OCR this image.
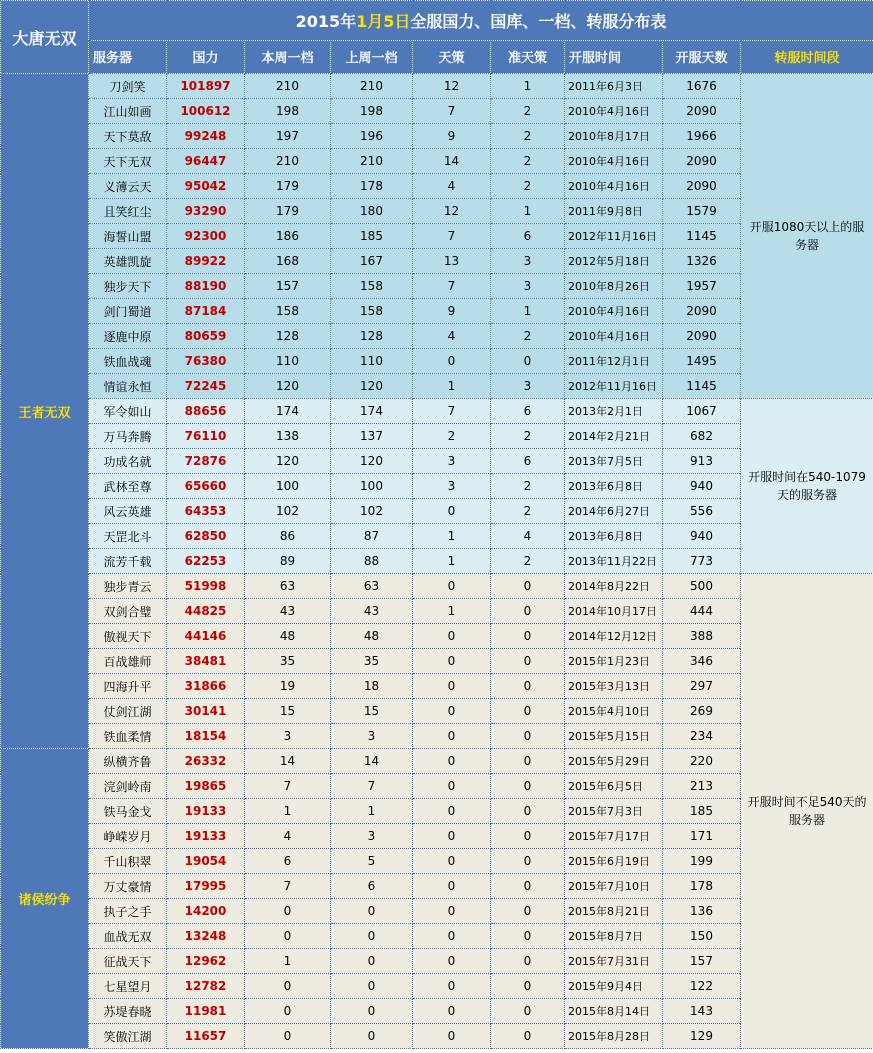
大唐无双	2015年1月5日全服国力、国库、一档、转服分布表								
	服务器	国力	本周一档	上周一档	天策	准天策	开服时间	开服天数	转服时间段
王者无双	刀剑笑	101897	210	210	12	1	2011年6月3日	1676	开服1080天以上的服务器
	江山如画	100612	198	198	7	2	2010年4月16日	2090	
	天下莫敌	99248	197	196	9	2	2010年8月17日	1966	
	天下无双	96447	210	210	14	2	2010年4月16日	2090	
	义薄云天	95042	179	178	4	2	2010年4月16日	2090	
	且笑红尘	93290	179	180	12	1	2011年9月8日	1579	
	海誓山盟	92300	186	185	7	6	2012年11月16日	1145	
	英雄凯旋	89922	168	167	13	3	2012年5月18日	1326	
	独步天下	88190	157	158	7	3	2010年8月26日	1957	
	剑门蜀道	87184	158	158	9	1	2010年4月16日	2090	
	逐鹿中原	80659	128	128	4	2	2010年4月16日	2090	
	铁血战魂	76380	110	110	0	0	2011年12月1日	1495	
	情谊永恒	72245	120	120	1	3	2012年11月16日	1145	
	军令如山	88656	174	174	7	6	2013年2月1日	1067	开服时间在540-1079天的服务器
	万马奔腾	76110	138	137	2	2	2014年2月21日	682	
	功成名就	72876	120	120	3	6	2013年7月5日	913	
	武林至尊	65660	100	100	3	2	2013年6月8日	940	
	风云英雄	64353	102	102	0	2	2014年6月27日	556	
	天罡北斗	62850	86	87	1	4	2013年6月8日	940	
	流芳千载	62253	89	88	1	2	2013年11月22日	773	
	独步青云	51998	63	63	0	0	2014年8月22日	500	开服时间不足540天的服务器
	双剑合璧	44825	43	43	1	0	2014年10月17日	444	
	傲视天下	44146	48	48	0	0	2014年12月12日	388	
	百战雄师	38481	35	35	0	0	2015年1月23日	346	
	四海升平	31866	19	18	0	0	2015年3月13日	297	
	仗剑江湖	30141	15	15	0	0	2015年4月10日	269	
	铁血柔情	18154	3	3	0	0	2015年5月15日	234	
诸侯纷争	纵横齐鲁	26332	14	14	0	0	2015年5月29日	220	
	浣剑岭南	19865	7	7	0	0	2015年6月5日	213	
	铁马金戈	19133	1	1	0	0	2015年7月3日	185	
	峥嵘岁月	19133	4	3	0	0	2015年7月17日	171	
	千山积翠	19054	6	5	0	0	2015年6月19日	199	
	万丈豪情	17995	7	6	0	0	2015年7月10日	178	
	执子之手	14200	0	0	0	0	2015年8月21日	136	
	血战无双	13248	0	0	0	0	2015年8月7日	150	
	征战天下	12962	1	0	0	0	2015年7月31日	157	
	七星望月	12782	0	0	0	0	2015年9月4日	122	
	苏堤春晓	11981	0	0	0	0	2015年8月14日	143	
	笑傲江湖	11657	0	0	0	0	2015年8月28日	129	
